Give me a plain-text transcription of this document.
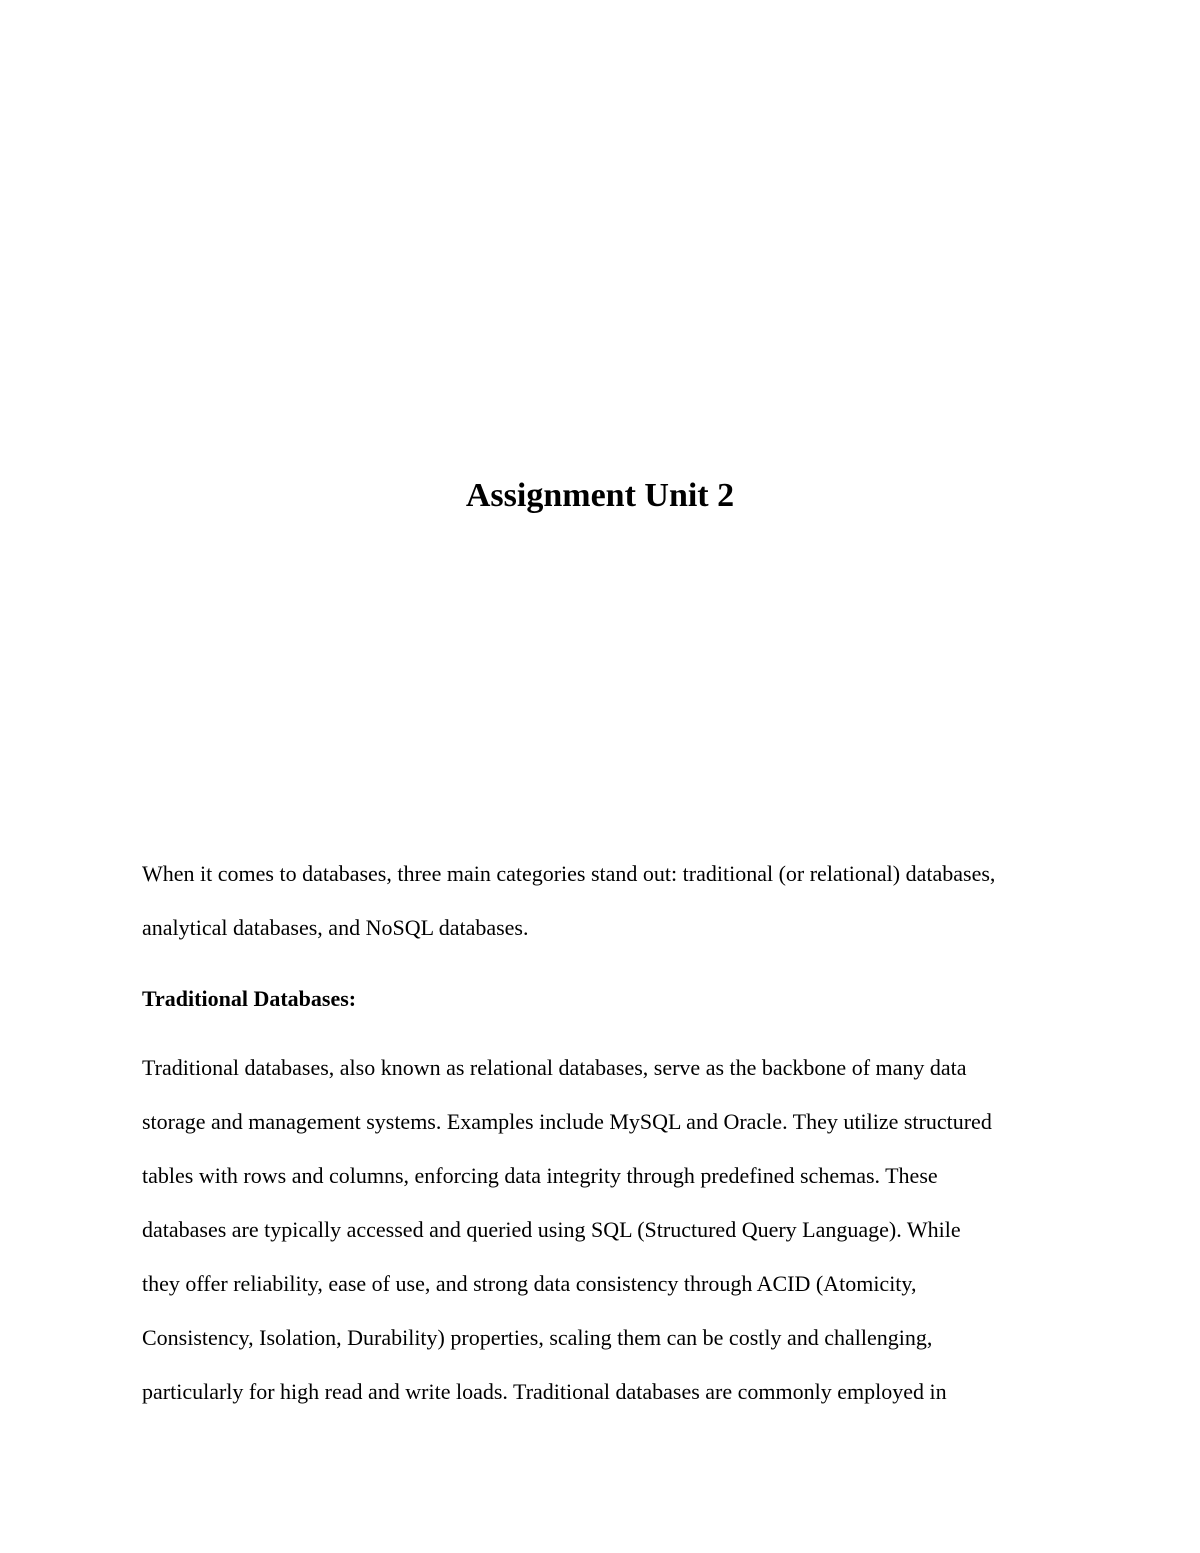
Assignment Unit 2

When it comes to databases, three main categories stand out: traditional (or relational) databases,

analytical databases, and NoSQL databases.

Traditional Databases:

Traditional databases, also known as relational databases, serve as the backbone of many data

storage and management systems. Examples include MySQL and Oracle. They utilize structured

tables with rows and columns, enforcing data integrity through predefined schemas. These

databases are typically accessed and queried using SQL (Structured Query Language). While

they offer reliability, ease of use, and strong data consistency through ACID (Atomicity,

Consistency, Isolation, Durability) properties, scaling them can be costly and challenging,

particularly for high read and write loads. Traditional databases are commonly employed in
